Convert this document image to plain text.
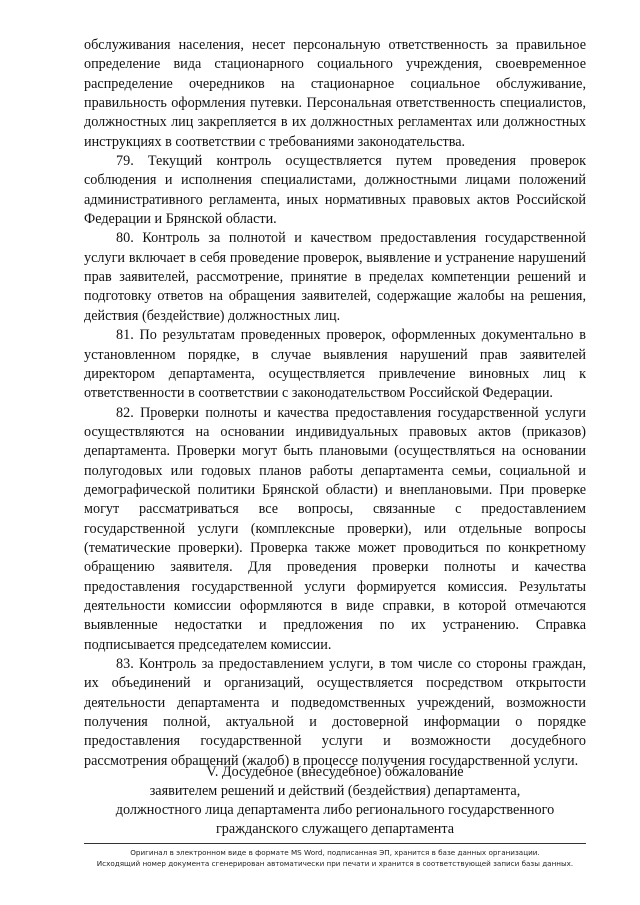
обслуживания населения, несет персональную ответственность за правильное определение вида стационарного социального учреждения, своевременное распределение очередников на стационарное социальное обслуживание, правильность оформления путевки. Персональная ответственность специалистов, должностных лиц закрепляется в их должностных регламентах или должностных инструкциях в соответствии с требованиями законодательства.

79. Текущий контроль осуществляется путем проведения проверок соблюдения и исполнения специалистами, должностными лицами положений административного регламента, иных нормативных правовых актов Российской Федерации и Брянской области.

80. Контроль за полнотой и качеством предоставления государственной услуги включает в себя проведение проверок, выявление и устранение нарушений прав заявителей, рассмотрение, принятие в пределах компетенции решений и подготовку ответов на обращения заявителей, содержащие жалобы на решения, действия (бездействие) должностных лиц.

81. По результатам проведенных проверок, оформленных документально в установленном порядке, в случае выявления нарушений прав заявителей директором департамента, осуществляется привлечение виновных лиц к ответственности в соответствии с законодательством Российской Федерации.

82. Проверки полноты и качества предоставления государственной услуги осуществляются на основании индивидуальных правовых актов (приказов) департамента. Проверки могут быть плановыми (осуществляться на основании полугодовых или годовых планов работы департамента семьи, социальной и демографической политики Брянской области) и внеплановыми. При проверке могут рассматриваться все вопросы, связанные с предоставлением государственной услуги (комплексные проверки), или отдельные вопросы (тематические проверки). Проверка также может проводиться по конкретному обращению заявителя. Для проведения проверки полноты и качества предоставления государственной услуги формируется комиссия. Результаты деятельности комиссии оформляются в виде справки, в которой отмечаются выявленные недостатки и предложения по их устранению. Справка подписывается председателем комиссии.

83. Контроль за предоставлением услуги, в том числе со стороны граждан, их объединений и организаций, осуществляется посредством открытости деятельности департамента и подведомственных учреждений, возможности получения полной, актуальной и достоверной информации о порядке предоставления государственной услуги и возможности досудебного рассмотрения обращений (жалоб) в процессе получения государственной услуги.

V. Досудебное (внесудебное) обжалование
заявителем решений и действий (бездействия) департамента,
должностного лица департамента либо регионального государственного
гражданского служащего департамента
Оригинал в электронном виде в формате MS Word, подписанная ЭП, хранится в базе данных организации.
Исходящий номер документа сгенерирован автоматически при печати и хранится в соответствующей записи базы данных.
